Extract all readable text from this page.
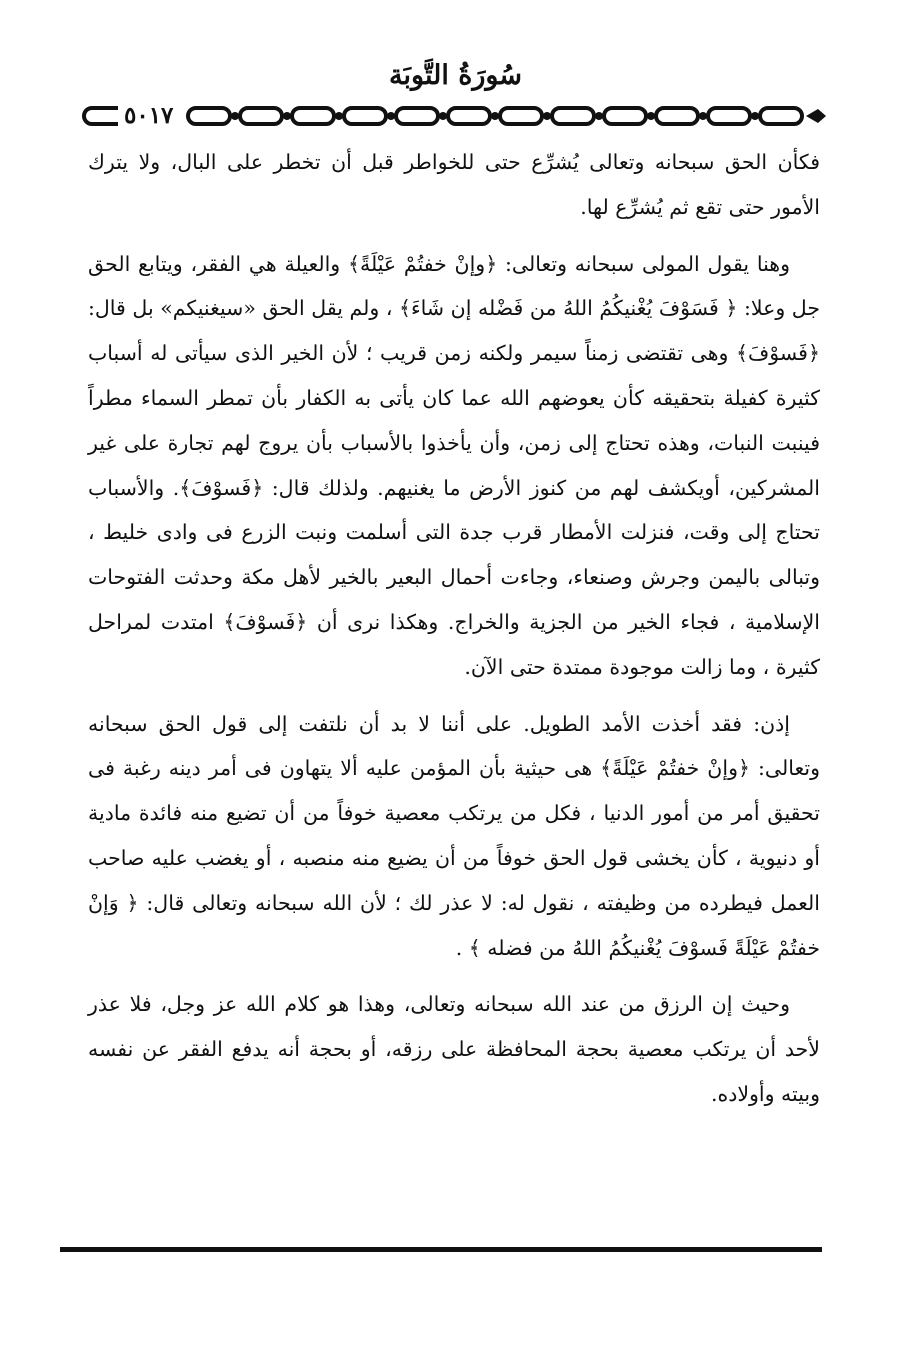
سُورَةُ التَّوبَة
٥٠١٧

فكأن الحق سبحانه وتعالى يُشرِّع حتى للخواطر قبل أن تخطر على البال، ولا يترك الأمور حتى تقع ثم يُشرِّع لها.

وهنا يقول المولى سبحانه وتعالى: ﴿وإنْ خفتُمْ عَيْلَةً﴾ والعيلة هي الفقر، ويتابع الحق جل وعلا: ﴿ فَسَوْفَ يُغْنيكُمُ اللهُ من فَضْله إن شَاءَ﴾ ، ولم يقل الحق «سيغنيكم» بل قال: ﴿فَسوْفَ﴾ وهى تقتضى زمناً سيمر ولكنه زمن قريب ؛ لأن الخير الذى سيأتى له أسباب كثيرة كفيلة بتحقيقه كأن يعوضهم الله عما كان يأتى به الكفار بأن تمطر السماء مطراً فينبت النبات، وهذه تحتاج إلى زمن، وأن يأخذوا بالأسباب بأن يروج لهم تجارة على غير المشركين، أويكشف لهم من كنوز الأرض ما يغنيهم. ولذلك قال: ﴿فَسوْفَ﴾. والأسباب تحتاج إلى وقت، فنزلت الأمطار قرب جدة التى أسلمت ونبت الزرع فى وادى خليط ، وتبالى باليمن وجرش وصنعاء، وجاءت أحمال البعير بالخير لأهل مكة وحدثت الفتوحات الإسلامية ، فجاء الخير من الجزية والخراج. وهكذا نرى أن ﴿فَسوْفَ﴾ امتدت لمراحل كثيرة ، وما زالت موجودة ممتدة حتى الآن.

إذن: فقد أخذت الأمد الطويل. على أننا لا بد أن نلتفت إلى قول الحق سبحانه وتعالى: ﴿وإنْ خفتُمْ عَيْلَةً﴾ هى حيثية بأن المؤمن عليه ألا يتهاون فى أمر دينه رغبة فى تحقيق أمر من أمور الدنيا ، فكل من يرتكب معصية خوفاً من أن تضيع منه فائدة مادية أو دنيوية ، كأن يخشى قول الحق خوفاً من أن يضيع منه منصبه ، أو يغضب عليه صاحب العمل فيطرده من وظيفته ، نقول له: لا عذر لك ؛ لأن الله سبحانه وتعالى قال: ﴿ وَإنْ خفتُمْ عَيْلَةً فَسوْفَ يُغْنيكُمُ اللهُ من فضله ﴾ .

وحيث إن الرزق من عند الله سبحانه وتعالى، وهذا هو كلام الله عز وجل، فلا عذر لأحد أن يرتكب معصية بحجة المحافظة على رزقه، أو بحجة أنه يدفع الفقر عن نفسه وبيته وأولاده.
